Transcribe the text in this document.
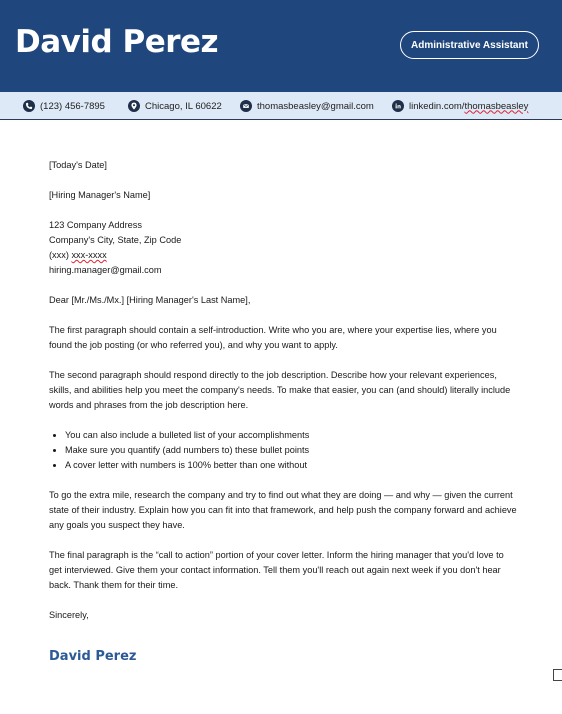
David Perez	Administrative Assistant
(123) 456-7895	Chicago, IL 60622	thomasbeasley@gmail.com	linkedin.com/ thomasbeasley

[Today's Date]

[Hiring Manager's Name]

123 Company Address
Company's City, State, Zip Code
(xxx) xxx-xxxx
hiring.manager@gmail.com

Dear [Mr./Ms./Mx.] [Hiring Manager's Last Name],

The first paragraph should contain a self-introduction. Write who you are, where your expertise lies, where you found the job posting (or who referred you), and why you want to apply.

The second paragraph should respond directly to the job description. Describe how your relevant experiences, skills, and abilities help you meet the company's needs. To make that easier, you can (and should) literally include words and phrases from the job description here.

• You can also include a bulleted list of your accomplishments
• Make sure you quantify (add numbers to) these bullet points
• A cover letter with numbers is 100% better than one without

To go the extra mile, research the company and try to find out what they are doing — and why — given the current state of their industry. Explain how you can fit into that framework, and help push the company forward and achieve any goals you suspect they have.

The final paragraph is the “call to action” portion of your cover letter. Inform the hiring manager that you'd love to get interviewed. Give them your contact information. Tell them you'll reach out again next week if you don't hear back. Thank them for their time.

Sincerely,

David Perez
